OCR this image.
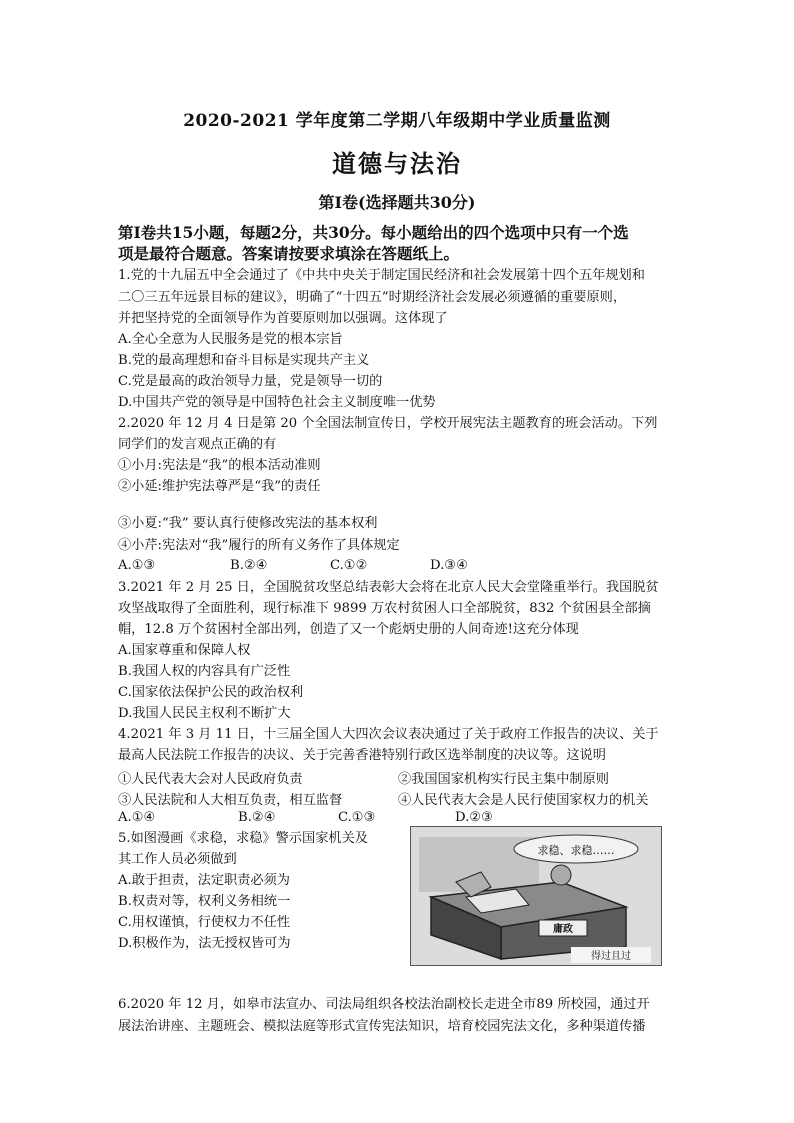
2020-2021 学年度第二学期八年级期中学业质量监测
道德与法治
第Ⅰ卷(选择题共30分)
第Ⅰ卷共15小题，每题2分，共30分。每小题给出的四个选项中只有一个选
项是最符合题意。答案请按要求填涂在答题纸上。
1.党的十九届五中全会通过了《中共中央关于制定国民经济和社会发展第十四个五年规划和
二〇三五年远景目标的建议》，明确了“十四五”时期经济社会发展必须遵循的重要原则，
并把坚持党的全面领导作为首要原则加以强调。这体现了
A.全心全意为人民服务是党的根本宗旨
B.党的最高理想和奋斗目标是实现共产主义
C.党是最高的政治领导力量，党是领导一切的
D.中国共产党的领导是中国特色社会主义制度唯一优势
2.2020 年 12 月 4 日是第 20 个全国法制宣传日，学校开展宪法主题教育的班会活动。下列
同学们的发言观点正确的有
①小月:宪法是“我”的根本活动准则
②小延:维护宪法尊严是“我”的责任
③小夏:“我” 要认真行使修改宪法的基本权利
④小芹:宪法对“我”履行的所有义务作了具体规定
A.①③	B.②④	C.①②	D.③④
3.2021 年 2 月 25 日，全国脱贫攻坚总结表彰大会将在北京人民大会堂隆重举行。我国脱贫
攻坚战取得了全面胜利，现行标准下 9899 万农村贫困人口全部脱贫，832 个贫困县全部摘
帽，12.8 万个贫困村全部出列，创造了又一个彪炳史册的人间奇迹!这充分体现
A.国家尊重和保障人权
B.我国人权的内容具有广泛性
C.国家依法保护公民的政治权利
D.我国人民民主权利不断扩大
4.2021 年 3 月 11 日，十三届全国人大四次会议表决通过了关于政府工作报告的决议、关于
最高人民法院工作报告的决议、关于完善香港特别行政区选举制度的决议等。这说明
①人民代表大会对人民政府负责	②我国国家机构实行民主集中制原则
③人民法院和人大相互负责，相互监督	④人民代表大会是人民行使国家权力的机关
A.①④	B.②④	C.①③	D.②③
5.如图漫画《求稳，求稳》警示国家机关及
其工作人员必须做到
A.敢于担责，法定职责必须为
B.权责对等，权利义务相统一
C.用权谨慎，行使权力不任性
D.积极作为，法无授权皆可为
求稳、求稳……
庸政
得过且过
6.2020 年 12 月，如皋市法宣办、司法局组织各校法治副校长走进全市89 所校园，通过开
展法治讲座、主题班会、模拟法庭等形式宣传宪法知识，培育校园宪法文化，多种渠道传播
